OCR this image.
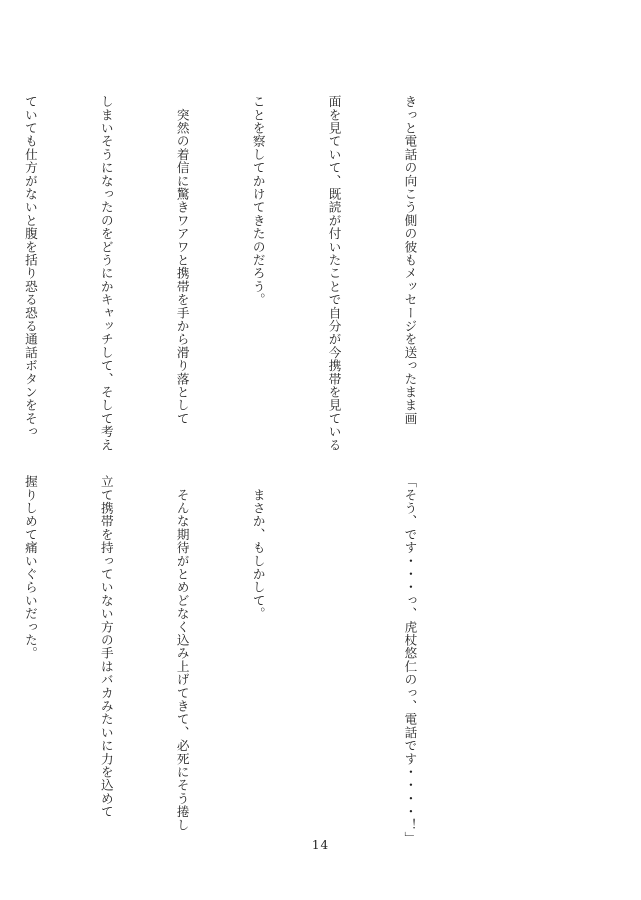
きっと電話の向こう側の彼もメッセージを送ったまま画

面を見ていて、既読が付いたことで自分が今携帯を見ている

ことを察してかけてきたのだろう。

　突然の着信に驚きワアワと携帯を手から滑り落として

しまいそうになったのをどうにかキャッチして、そして考え

ていても仕方がないと腹を括り恐る恐る通話ボタンをそっ

「そう、です・・・っ、虎杖悠仁のっ、電話です・・・・！」

　まさか、もしかして。

　そんな期待がとめどなく込み上げてきて、必死にそう捲し

立て携帯を持っていない方の手はバカみたいに力を込めて

握りしめて痛いぐらいだった。

14
